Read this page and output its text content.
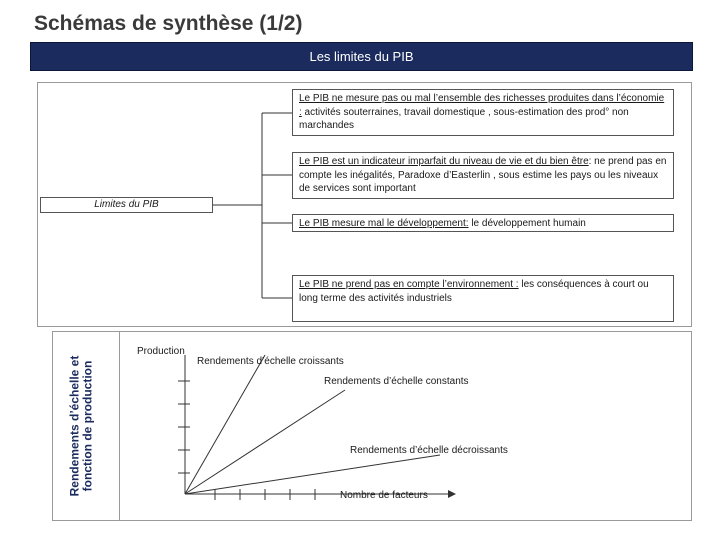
Schémas de synthèse (1/2)
Les limites du PIB
Limites du PIB
Le PIB ne mesure pas ou mal l’ensemble des richesses produites dans l’économie : activités souterraines, travail domestique , sous-estimation des prod° non marchandes
Le PIB est un indicateur imparfait du niveau de vie et du bien être: ne prend pas en compte les inégalités, Paradoxe d’Easterlin , sous estime les pays ou les niveaux de services sont important
Le PIB mesure mal le développement: le développement humain
Le PIB ne prend pas en compte l’environnement : les conséquences à court ou long terme des activités industriels
Rendements d’échelle et fonction de production
Production
Rendements d’échelle croissants
Rendements d’échelle constants
Rendements d’échelle décroissants
Nombre de facteurs
